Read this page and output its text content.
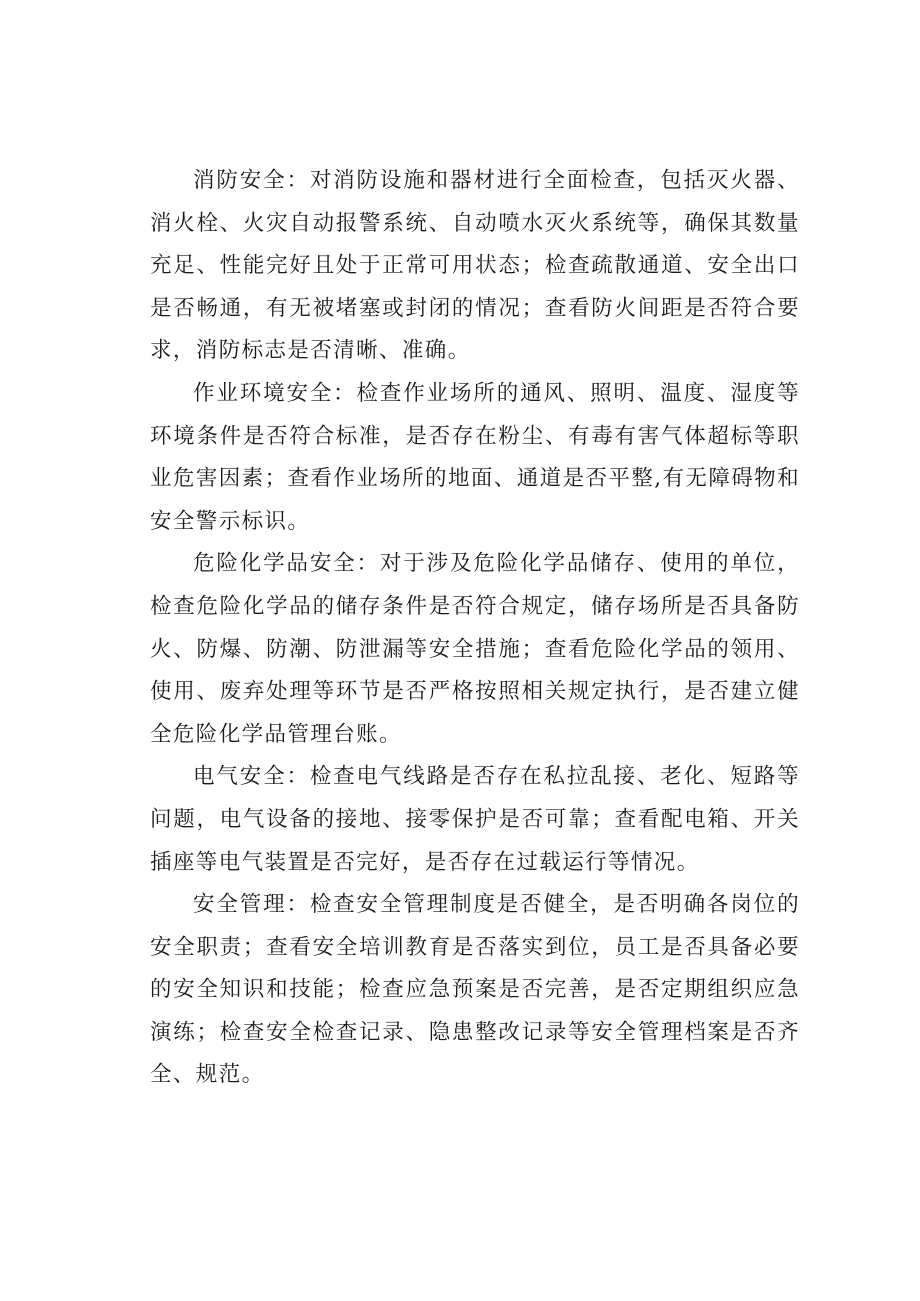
消防安全：对消防设施和器材进行全面检查，包括灭火器、消火栓、火灾自动报警系统、自动喷水灭火系统等，确保其数量充足、性能完好且处于正常可用状态；检查疏散通道、安全出口是否畅通，有无被堵塞或封闭的情况；查看防火间距是否符合要求，消防标志是否清晰、准确。

作业环境安全：检查作业场所的通风、照明、温度、湿度等环境条件是否符合标准，是否存在粉尘、有毒有害气体超标等职业危害因素；查看作业场所的地面、通道是否平整,有无障碍物和安全警示标识。

危险化学品安全：对于涉及危险化学品储存、使用的单位，检查危险化学品的储存条件是否符合规定，储存场所是否具备防火、防爆、防潮、防泄漏等安全措施；查看危险化学品的领用、使用、废弃处理等环节是否严格按照相关规定执行，是否建立健全危险化学品管理台账。

电气安全：检查电气线路是否存在私拉乱接、老化、短路等问题，电气设备的接地、接零保护是否可靠；查看配电箱、开关插座等电气装置是否完好，是否存在过载运行等情况。

安全管理：检查安全管理制度是否健全，是否明确各岗位的安全职责；查看安全培训教育是否落实到位，员工是否具备必要的安全知识和技能；检查应急预案是否完善，是否定期组织应急演练；检查安全检查记录、隐患整改记录等安全管理档案是否齐全、规范。
